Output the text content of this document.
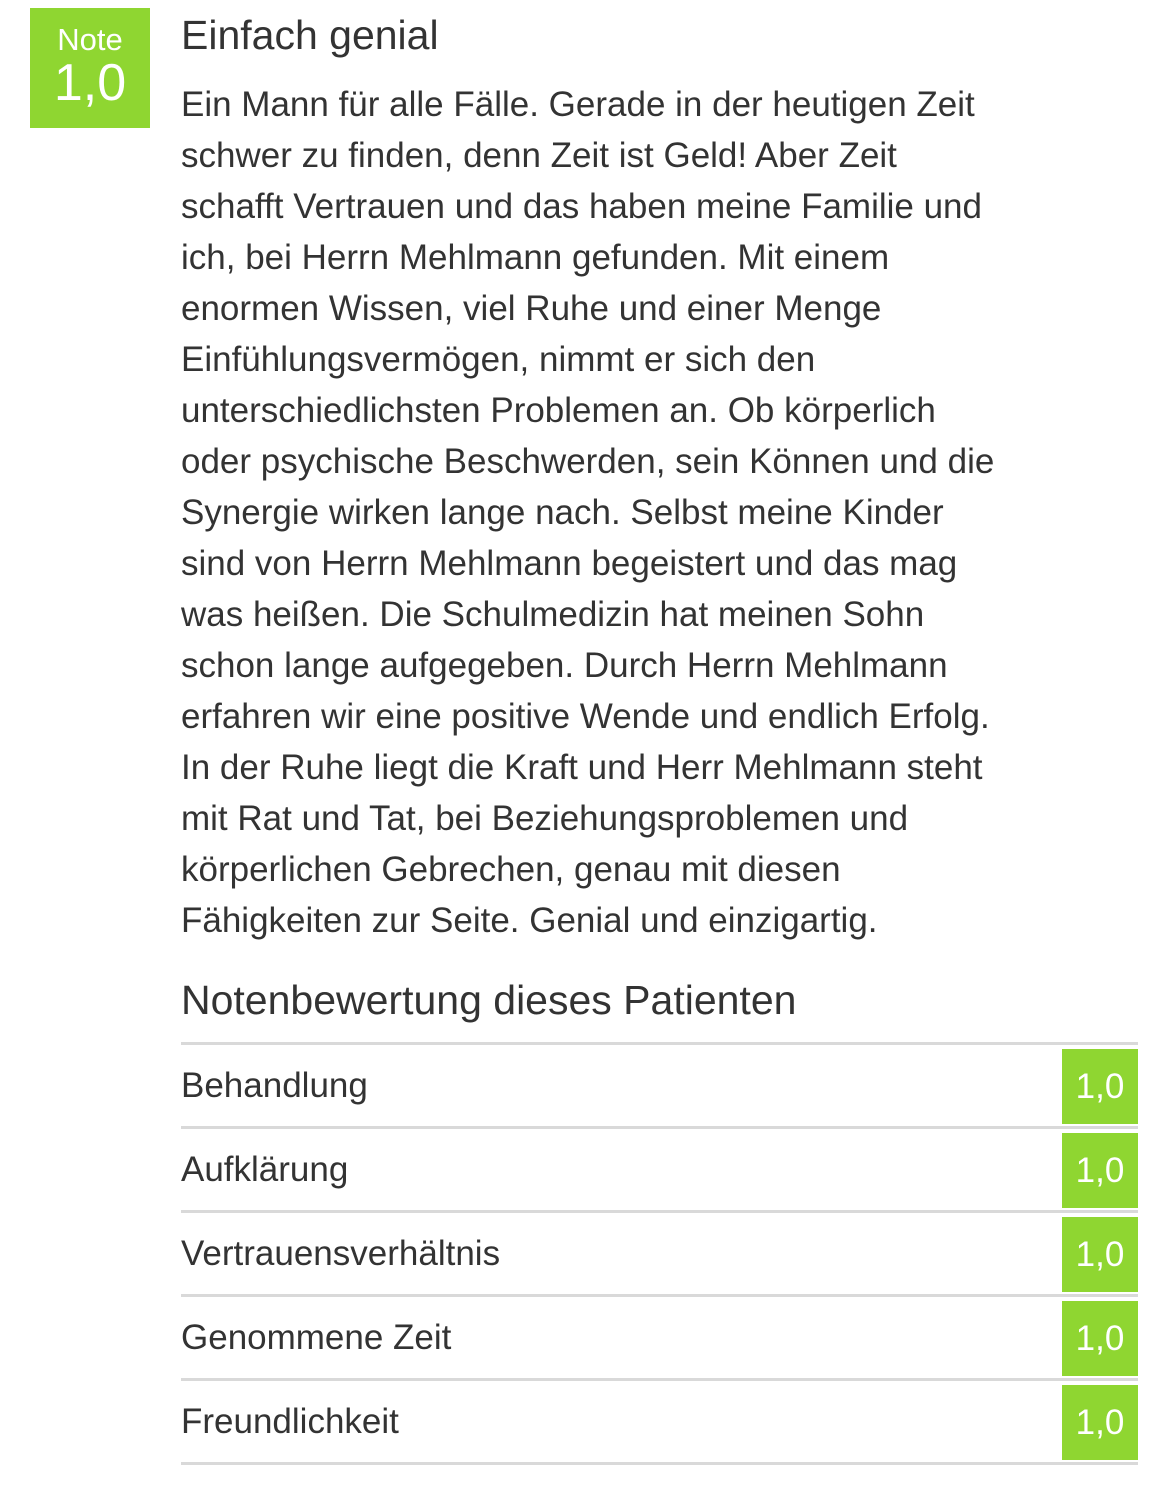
Note
1,0
Einfach genial

Ein Mann für alle Fälle. Gerade in der heutigen Zeit
schwer zu finden, denn Zeit ist Geld! Aber Zeit
schafft Vertrauen und das haben meine Familie und
ich, bei Herrn Mehlmann gefunden. Mit einem
enormen Wissen, viel Ruhe und einer Menge
Einfühlungsvermögen, nimmt er sich den
unterschiedlichsten Problemen an. Ob körperlich
oder psychische Beschwerden, sein Können und die
Synergie wirken lange nach. Selbst meine Kinder
sind von Herrn Mehlmann begeistert und das mag
was heißen. Die Schulmedizin hat meinen Sohn
schon lange aufgegeben. Durch Herrn Mehlmann
erfahren wir eine positive Wende und endlich Erfolg.
In der Ruhe liegt die Kraft und Herr Mehlmann steht
mit Rat und Tat, bei Beziehungsproblemen und
körperlichen Gebrechen, genau mit diesen
Fähigkeiten zur Seite. Genial und einzigartig.

Notenbewertung dieses Patienten
Behandlung	1,0
Aufklärung	1,0
Vertrauensverhältnis	1,0
Genommene Zeit	1,0
Freundlichkeit	1,0
